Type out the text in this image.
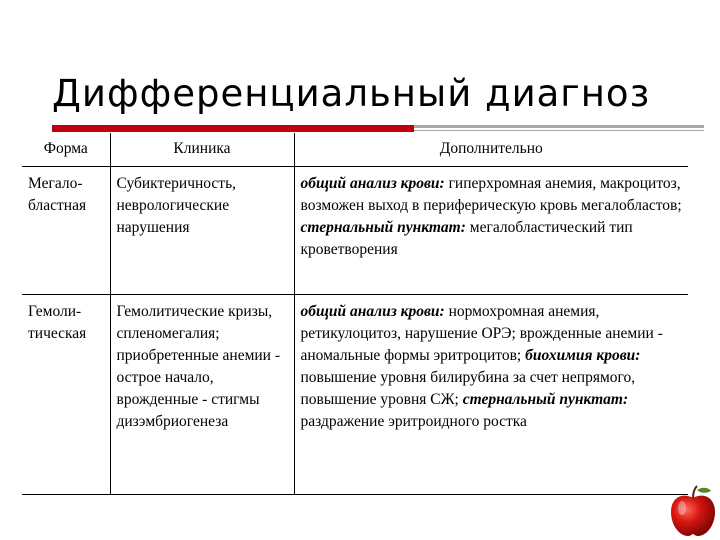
Дифференциальный диагноз
Форма	Клиника	Дополнительно
Мегало-бластная	Субиктеричность, неврологические нарушения	общий анализ крови: гиперхромная анемия, макроцитоз, возможен выход в периферическую кровь мегалобластов; стернальный пунктат: мегалобластический тип кроветворения
Гемоли-тическая	Гемолитические кризы, спленомегалия; приобретенные анемии - острое начало, врожденные - стигмы дизэмбриогенеза	общий анализ крови: нормохромная анемия, ретикулоцитоз, нарушение ОРЭ; врожденные анемии - аномальные формы эритроцитов; биохимия крови: повышение уровня билирубина за счет непрямого, повышение уровня СЖ; стернальный пунктат: раздражение эритроидного ростка
